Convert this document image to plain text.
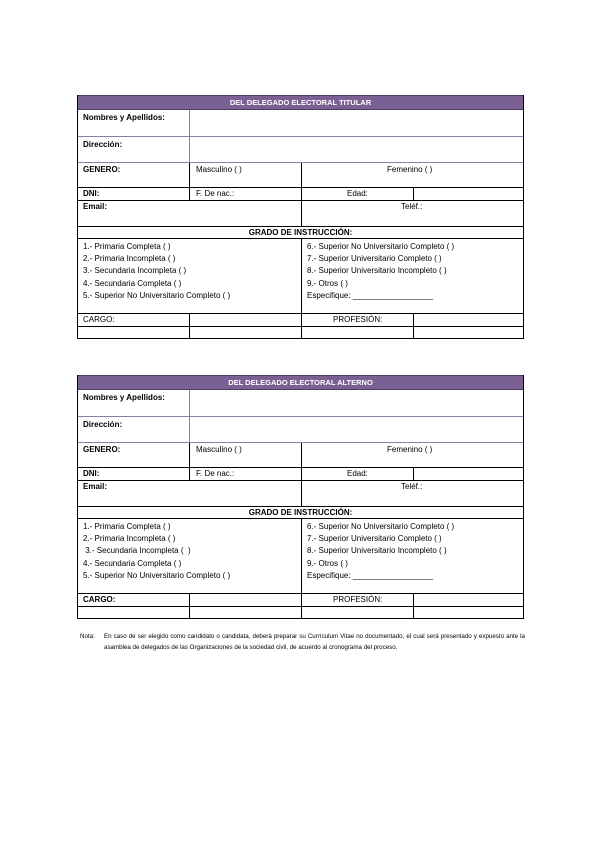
DEL DELEGADO ELECTORAL TITULAR
Nombres y Apellidos:
Dirección:
GENERO:	Masculino ( )	Femenino ( )
DNI:	F. De nac.:	Edad:
Email:	Teléf.:
GRADO DE INSTRUCCIÓN:
1.- Primaria Completa ( )
2.- Primaria Incompleta ( )
3.- Secundaria Incompleta ( )
4.- Secundaria Completa ( )
5.- Superior No Universitario Completo ( )
6.- Superior No Universitario Completo ( )
7.- Superior Universitario Completo ( )
8.- Superior Universitario Incompleto ( )
9.- Otros ( )
Especifique: __________________
CARGO:	PROFESIÓN:
DEL DELEGADO ELECTORAL ALTERNO
Nombres y Apellidos:
Dirección:
GENERO:	Masculino ( )	Femenino ( )
DNI:	F. De nac.:	Edad:
Email:	Teléf.:
GRADO DE INSTRUCCIÓN:
1.- Primaria Completa ( )
2.- Primaria Incompleta ( )
3.- Secundaria Incompleta (  )
4.- Secundaria Completa ( )
5.- Superior No Universitario Completo ( )
6.- Superior No Universitario Completo ( )
7.- Superior Universitario Completo ( )
8.- Superior Universitario Incompleto ( )
9.- Otros ( )
Especifique: __________________
CARGO:	PROFESIÓN:
Nota: En caso de ser elegido como candidato o candidata, deberá preparar su Currículum Vitae no documentado, el cual será presentado y expuesto ante la asamblea de delegados de las Organizaciones de la sociedad civil, de acuerdo al cronograma del proceso.
